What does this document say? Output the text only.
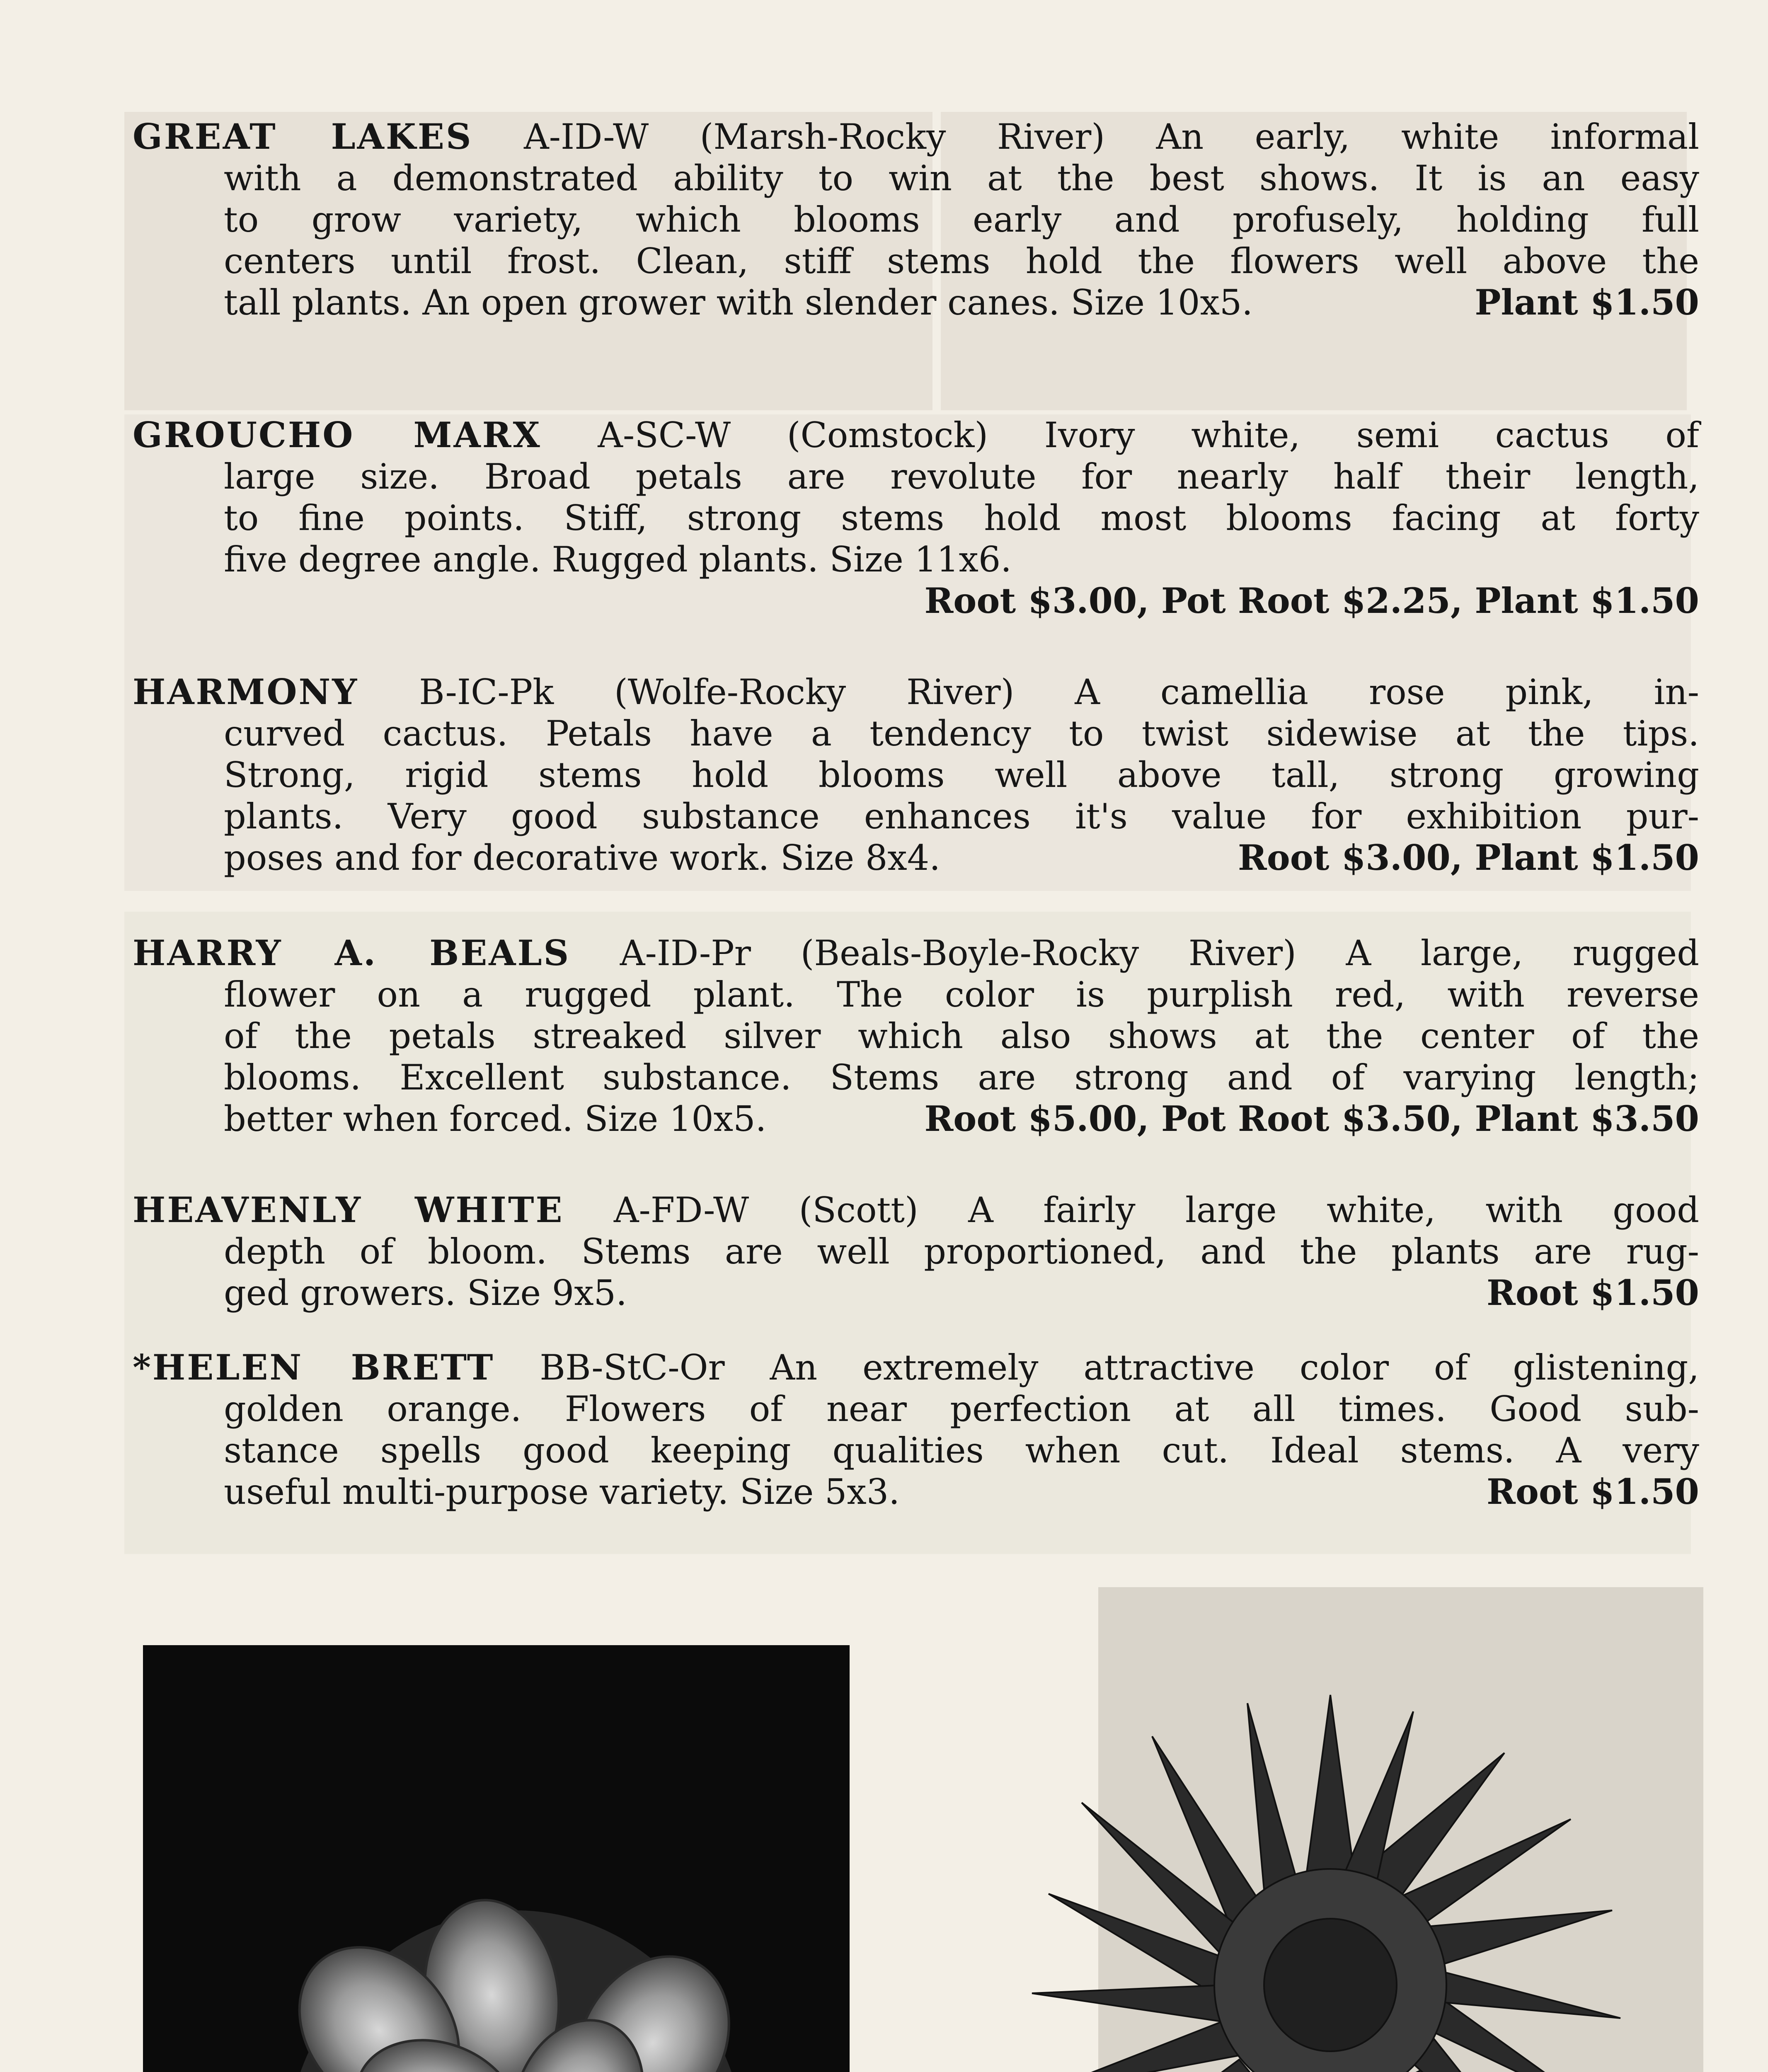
GREAT LAKES A-ID-W (Marsh-Rocky River) An early, white informal
with a demonstrated ability to win at the best shows. It is an easy
to grow variety, which blooms early and profusely, holding full
centers until frost. Clean, stiff stems hold the flowers well above the
tall plants. An open grower with slender canes. Size 10x5.	Plant $1.50
GROUCHO MARX A-SC-W (Comstock) Ivory white, semi cactus of
large size. Broad petals are revolute for nearly half their length,
to fine points. Stiff, strong stems hold most blooms facing at forty
five degree angle. Rugged plants. Size 11x6.
Root $3.00, Pot Root $2.25, Plant $1.50
HARMONY B-IC-Pk (Wolfe-Rocky River) A camellia rose pink, in-
curved cactus. Petals have a tendency to twist sidewise at the tips.
Strong, rigid stems hold blooms well above tall, strong growing
plants. Very good substance enhances it's value for exhibition pur-
poses and for decorative work. Size 8x4.	Root $3.00, Plant $1.50
HARRY A. BEALS A-ID-Pr (Beals-Boyle-Rocky River) A large, rugged
flower on a rugged plant. The color is purplish red, with reverse
of the petals streaked silver which also shows at the center of the
blooms. Excellent substance. Stems are strong and of varying length;
better when forced. Size 10x5.	Root $5.00, Pot Root $3.50, Plant $3.50
HEAVENLY WHITE A-FD-W (Scott) A fairly large white, with good
depth of bloom. Stems are well proportioned, and the plants are rug-
ged growers. Size 9x5.	Root $1.50
*HELEN BRETT BB-StC-Or An extremely attractive color of glistening,
golden orange. Flowers of near perfection at all times. Good sub-
stance spells good keeping qualities when cut. Ideal stems. A very
useful multi-purpose variety. Size 5x3.	Root $1.50
